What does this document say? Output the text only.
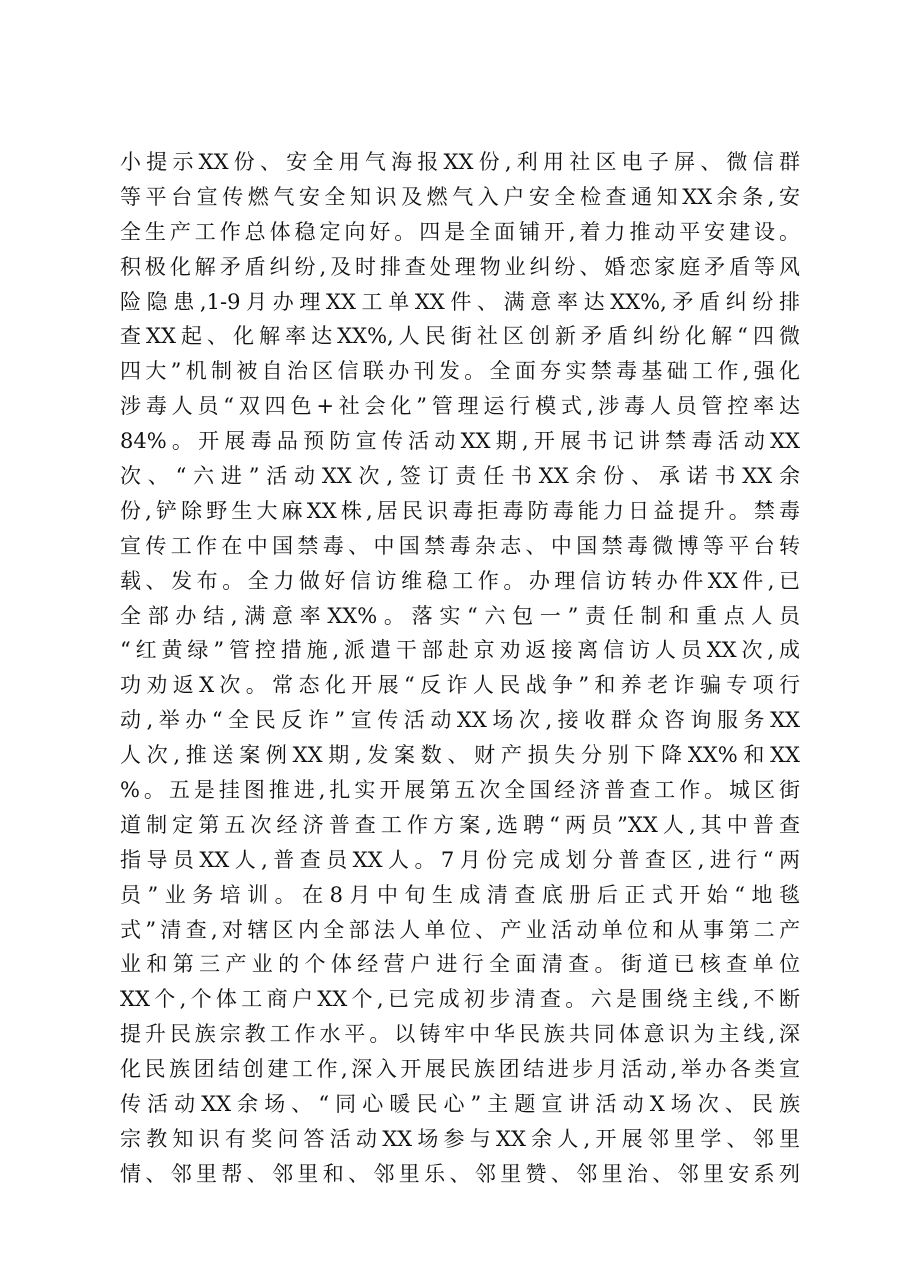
小提示XX份、安全用气海报XX份,利用社区电子屏、微信群
等平台宣传燃气安全知识及燃气入户安全检查通知XX余条,安
全生产工作总体稳定向好。四是全面铺开,着力推动平安建设。
积极化解矛盾纠纷,及时排查处理物业纠纷、婚恋家庭矛盾等风
险隐患,1-9月办理XX工单XX件、满意率达XX%,矛盾纠纷排
查XX起、化解率达XX%,人民街社区创新矛盾纠纷化解“四微
四大”机制被自治区信联办刊发。全面夯实禁毒基础工作,强化
涉毒人员“双四色+社会化”管理运行模式,涉毒人员管控率达
84%。开展毒品预防宣传活动XX期,开展书记讲禁毒活动XX
次、“六进”活动XX次,签订责任书XX余份、承诺书XX余
份,铲除野生大麻XX株,居民识毒拒毒防毒能力日益提升。禁毒
宣传工作在中国禁毒、中国禁毒杂志、中国禁毒微博等平台转
载、发布。全力做好信访维稳工作。办理信访转办件XX件,已
全部办结,满意率XX%。落实“六包一”责任制和重点人员
“红黄绿”管控措施,派遣干部赴京劝返接离信访人员XX次,成
功劝返X次。常态化开展“反诈人民战争”和养老诈骗专项行
动,举办“全民反诈”宣传活动XX场次,接收群众咨询服务XX
人次,推送案例XX期,发案数、财产损失分别下降XX%和XX
%。五是挂图推进,扎实开展第五次全国经济普查工作。城区街
道制定第五次经济普查工作方案,选聘“两员”XX人,其中普查
指导员XX人,普查员XX人。7月份完成划分普查区,进行“两
员”业务培训。在8月中旬生成清查底册后正式开始“地毯
式”清查,对辖区内全部法人单位、产业活动单位和从事第二产
业和第三产业的个体经营户进行全面清查。街道已核查单位
XX个,个体工商户XX个,已完成初步清查。六是围绕主线,不断
提升民族宗教工作水平。以铸牢中华民族共同体意识为主线,深
化民族团结创建工作,深入开展民族团结进步月活动,举办各类宣
传活动XX余场、“同心暖民心”主题宣讲活动X场次、民族
宗教知识有奖问答活动XX场参与XX余人,开展邻里学、邻里
情、邻里帮、邻里和、邻里乐、邻里赞、邻里治、邻里安系列
